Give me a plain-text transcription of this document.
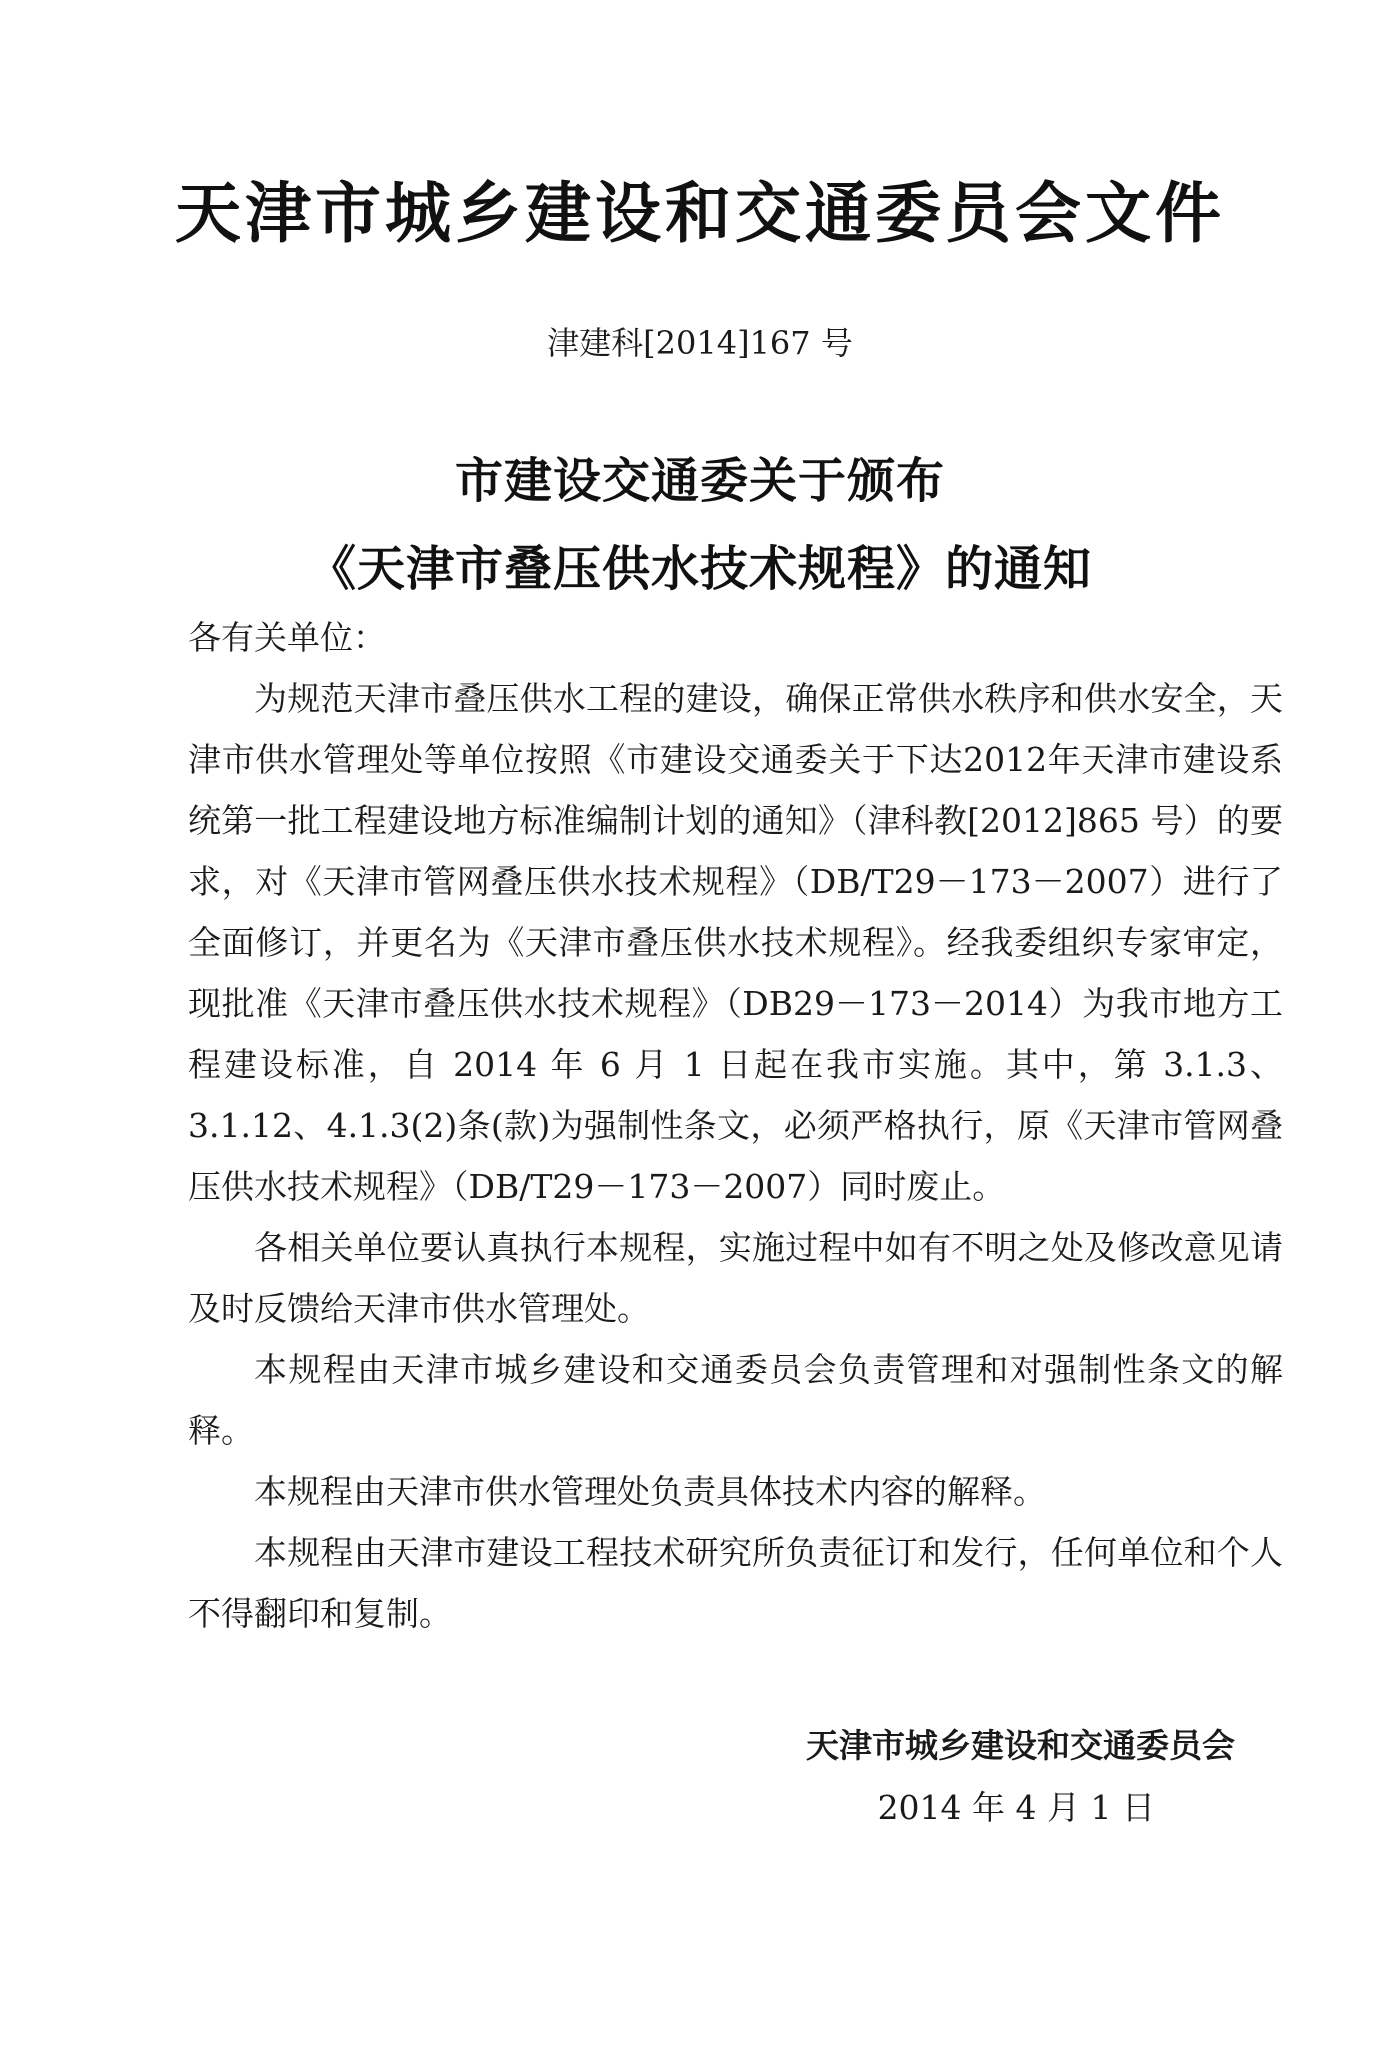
天津市城乡建设和交通委员会文件
津建科[2014]167 号
市建设交通委关于颁布
《天津市叠压供水技术规程》的通知
各有关单位：

为规范天津市叠压供水工程的建设，确保正常供水秩序和供水安全，天津市供水管理处等单位按照《市建设交通委关于下达2012年天津市建设系统第一批工程建设地方标准编制计划的通知》（津科教[2012]865 号）的要求，对《天津市管网叠压供水技术规程》（DB/T29－173－2007）进行了全面修订，并更名为《天津市叠压供水技术规程》。经我委组织专家审定，现批准《天津市叠压供水技术规程》（DB29－173－2014）为我市地方工程建设标准，自 2014 年 6 月 1 日起在我市实施。其中，第 3.1.3、3.1.12、4.1.3(2)条(款)为强制性条文，必须严格执行，原《天津市管网叠压供水技术规程》（DB/T29－173－2007）同时废止。

各相关单位要认真执行本规程，实施过程中如有不明之处及修改意见请及时反馈给天津市供水管理处。

本规程由天津市城乡建设和交通委员会负责管理和对强制性条文的解释。

本规程由天津市供水管理处负责具体技术内容的解释。

本规程由天津市建设工程技术研究所负责征订和发行，任何单位和个人不得翻印和复制。

天津市城乡建设和交通委员会
2014 年 4 月 1 日
